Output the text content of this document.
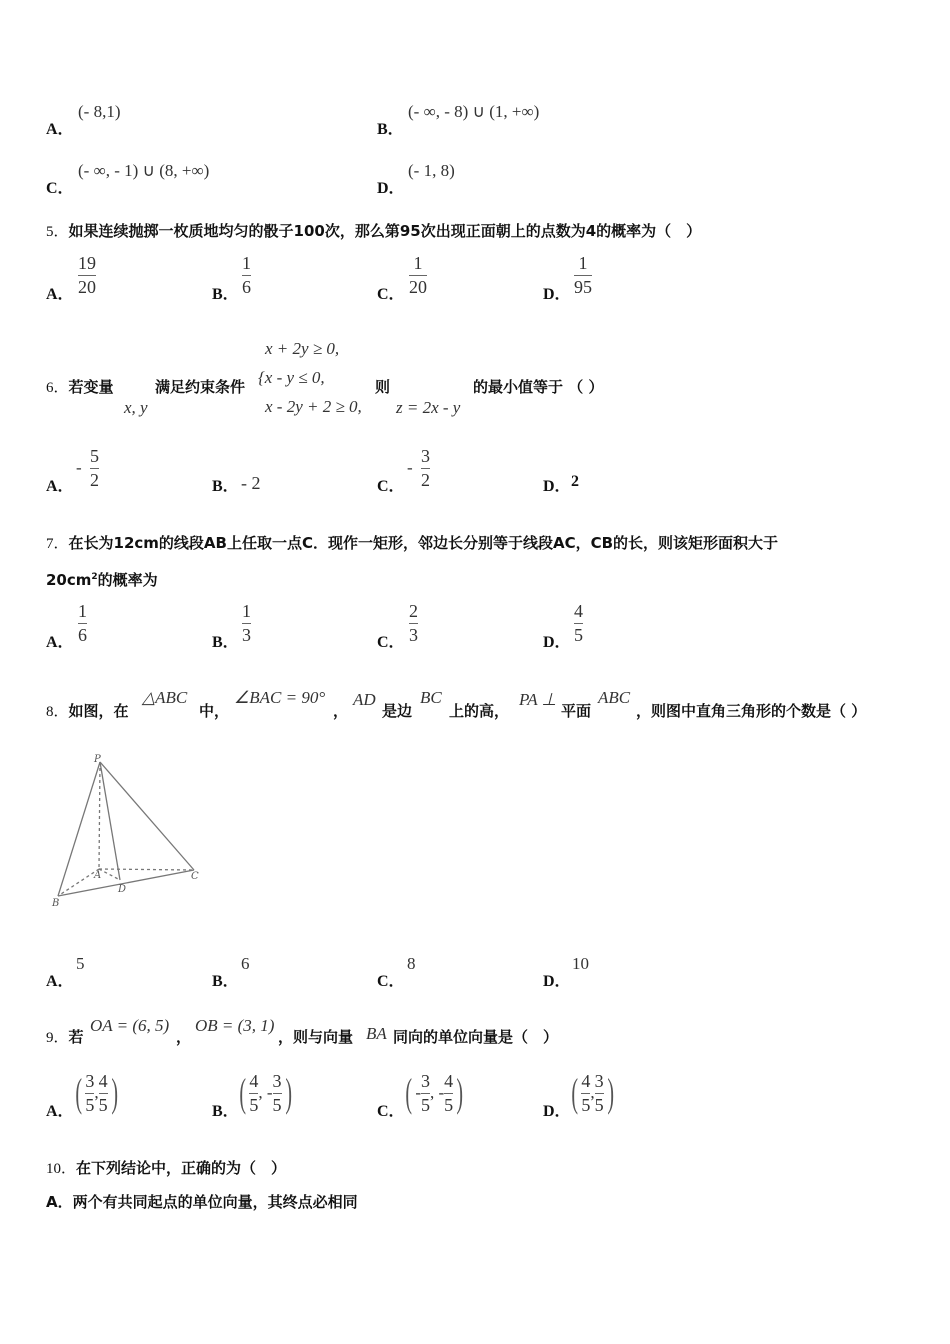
A．
(- 8,1)
B．
(- ∞, - 8) ∪ (1, +∞)
C．
(- ∞, - 1) ∪ (8, +∞)
D．
(- 1, 8)
5．如果连续抛掷一枚质地均匀的骰子100次，那么第95次出现正面朝上的点数为4的概率为（　）
A．
19
20	B．
1
6	C．
1
20	D．
1
95
6．若变量
x, y
满足约束条件
x + 2y ≥ 0,
{x - y ≤ 0,
x - 2y + 2 ≥ 0,
则
z = 2x - y
的最小值等于 （ ）
A．
-
5
2	B． - 2	C．
-
3
2	D． 2
7．在长为12cm的线段AB上任取一点C．现作一矩形，邻边长分别等于线段AC，CB的长，则该矩形面积大于
$20cm^2$的概率为
A．
1
6	B．
1
3	C．
2
3	D．
4
5
8．如图，在
△ABC
中，
∠BAC = 90°
，
AD
是边
BC
上的高，
PA ⊥
平面
ABC
，则图中直角三角形的个数是（ ）
P
A
B
C
D
A．
5
B．
6
C．
8
D．
10
9．若
OA = (6, 5)
，
OB = (3, 1)
，则与向量 BA 同向的单位向量是（　）
A． ( $\frac{3}{5}$ , $\frac{4}{5}$ )	B． ( $\frac{4}{5}$ , - $\frac{3}{5}$ )	C． ( - $\frac{3}{5}$ , - $\frac{4}{5}$ )	D． ( $\frac{4}{5}$ , $\frac{3}{5}$ )
10．在下列结论中，正确的为（　）
A．两个有共同起点的单位向量，其终点必相同
